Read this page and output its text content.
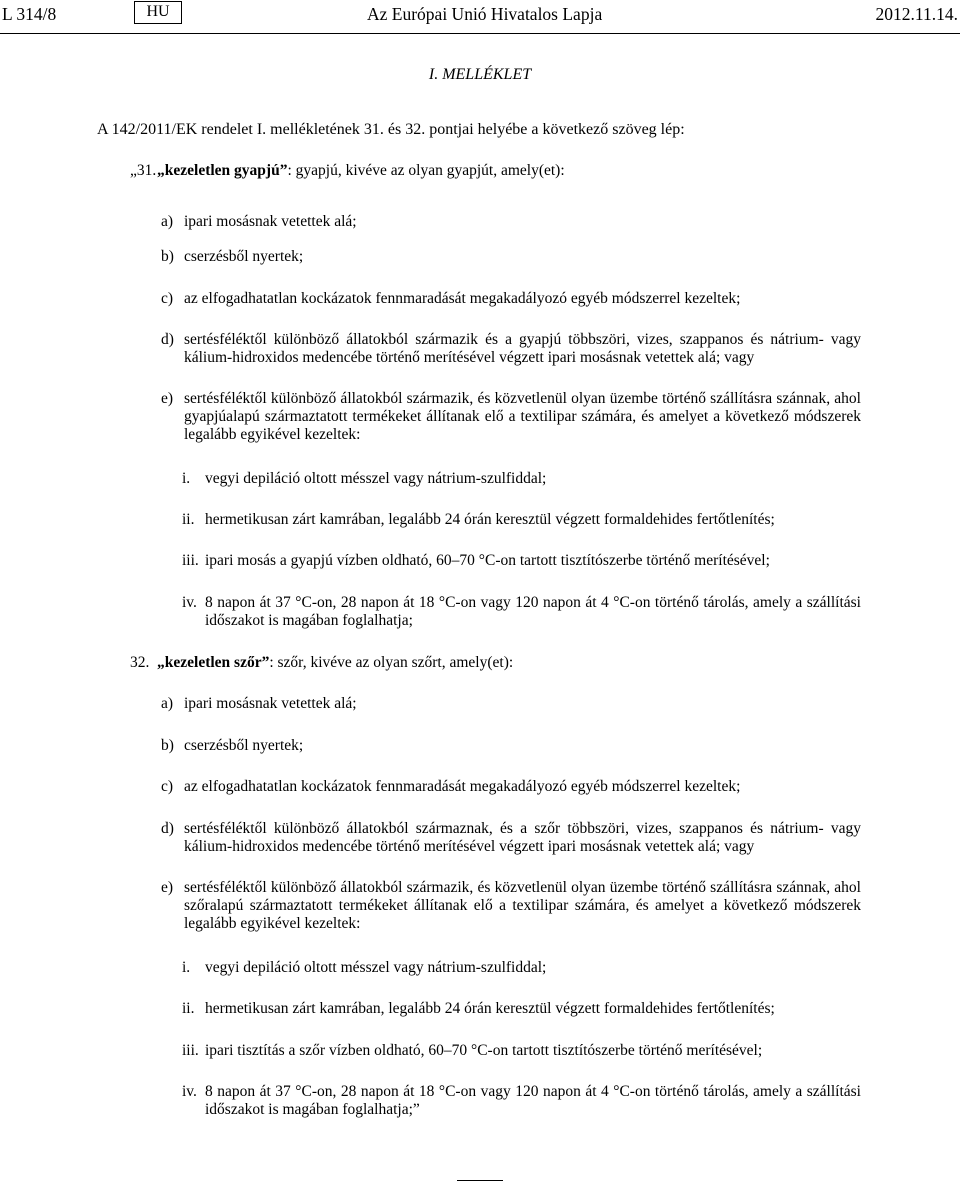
L 314/8	HU	Az Európai Unió Hivatalos Lapja	2012.11.14.
I. MELLÉKLET
A 142/2011/EK rendelet I. mellékletének 31. és 32. pontjai helyébe a következő szöveg lép:
„31. „kezeletlen gyapjú”: gyapjú, kivéve az olyan gyapjút, amely(et):
a) ipari mosásnak vetettek alá;
b) cserzésből nyertek;
c) az elfogadhatatlan kockázatok fennmaradását megakadályozó egyéb módszerrel kezeltek;
d) sertésféléktől különböző állatokból származik és a gyapjú többszöri, vizes, szappanos és nátrium- vagy kálium-hidroxidos medencébe történő merítésével végzett ipari mosásnak vetettek alá; vagy
e) sertésféléktől különböző állatokból származik, és közvetlenül olyan üzembe történő szállításra szánnak, ahol gyapjúalapú származtatott termékeket állítanak elő a textilipar számára, és amelyet a következő módszerek legalább egyikével kezeltek:
i. vegyi depiláció oltott mésszel vagy nátrium-szulfiddal;
ii. hermetikusan zárt kamrában, legalább 24 órán keresztül végzett formaldehides fertőtlenítés;
iii. ipari mosás a gyapjú vízben oldható, 60–70 °C-on tartott tisztítószerbe történő merítésével;
iv. 8 napon át 37 °C-on, 28 napon át 18 °C-on vagy 120 napon át 4 °C-on történő tárolás, amely a szállítási időszakot is magában foglalhatja;
32. „kezeletlen szőr”: szőr, kivéve az olyan szőrt, amely(et):
a) ipari mosásnak vetettek alá;
b) cserzésből nyertek;
c) az elfogadhatatlan kockázatok fennmaradását megakadályozó egyéb módszerrel kezeltek;
d) sertésféléktől különböző állatokból származnak, és a szőr többszöri, vizes, szappanos és nátrium- vagy kálium-hidroxidos medencébe történő merítésével végzett ipari mosásnak vetettek alá; vagy
e) sertésféléktől különböző állatokból származik, és közvetlenül olyan üzembe történő szállításra szánnak, ahol szőralapú származtatott termékeket állítanak elő a textilipar számára, és amelyet a következő módszerek legalább egyikével kezeltek:
i. vegyi depiláció oltott mésszel vagy nátrium-szulfiddal;
ii. hermetikusan zárt kamrában, legalább 24 órán keresztül végzett formaldehides fertőtlenítés;
iii. ipari tisztítás a szőr vízben oldható, 60–70 °C-on tartott tisztítószerbe történő merítésével;
iv. 8 napon át 37 °C-on, 28 napon át 18 °C-on vagy 120 napon át 4 °C-on történő tárolás, amely a szállítási időszakot is magában foglalhatja;”
